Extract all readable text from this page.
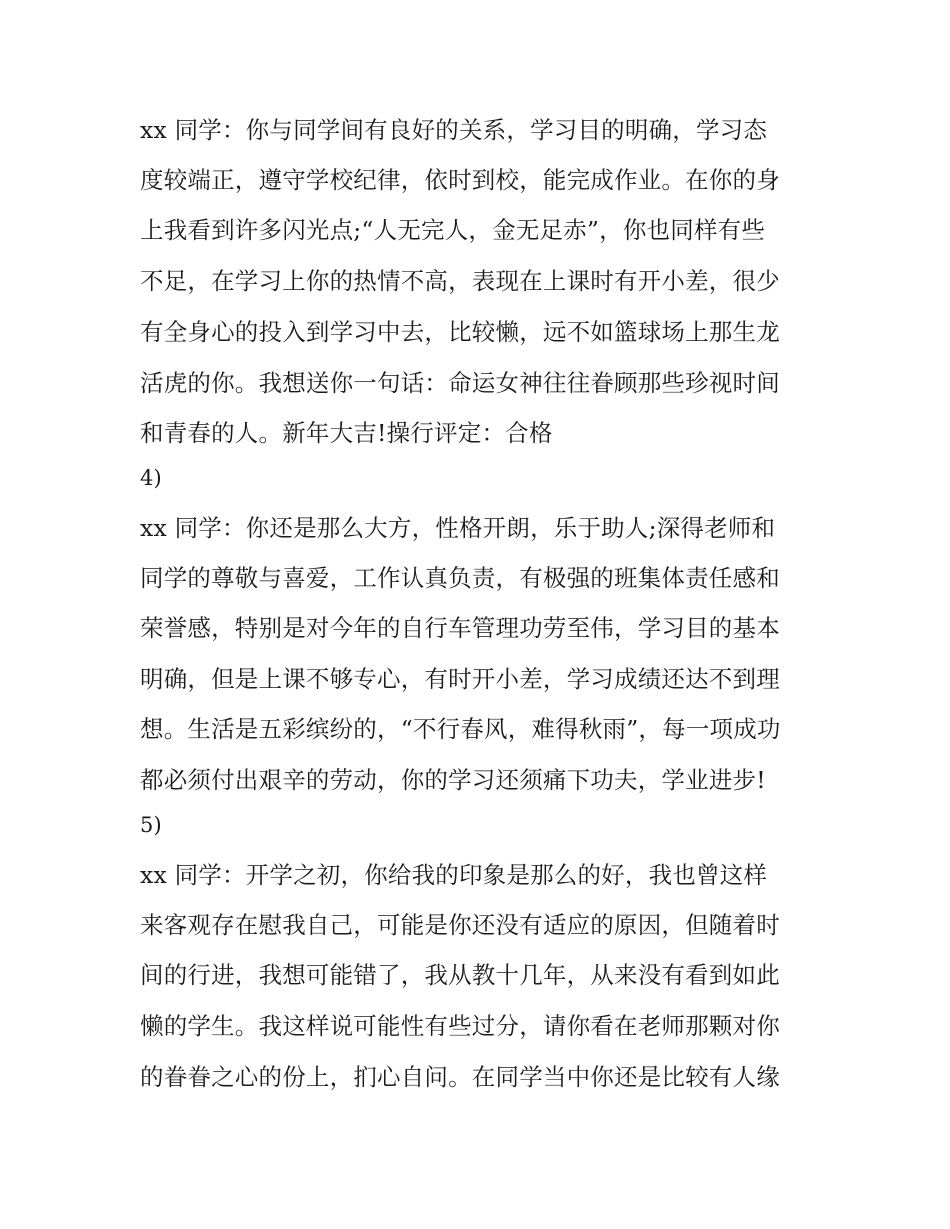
xx 同学：你与同学间有良好的关系，学习目的明确，学习态
度较端正，遵守学校纪律，依时到校，能完成作业。在你的身
上我看到许多闪光点;“人无完人，金无足赤”，你也同样有些
不足，在学习上你的热情不高，表现在上课时有开小差，很少
有全身心的投入到学习中去，比较懒，远不如篮球场上那生龙
活虎的你。我想送你一句话：命运女神往往眷顾那些珍视时间
和青春的人。新年大吉!操行评定：合格
4)
xx 同学：你还是那么大方，性格开朗，乐于助人;深得老师和
同学的尊敬与喜爱，工作认真负责，有极强的班集体责任感和
荣誉感，特别是对今年的自行车管理功劳至伟，学习目的基本
明确，但是上课不够专心，有时开小差，学习成绩还达不到理
想。生活是五彩缤纷的，“不行春风，难得秋雨”，每一项成功
都必须付出艰辛的劳动，你的学习还须痛下功夫，学业进步!
5)
xx 同学：开学之初，你给我的印象是那么的好，我也曾这样
来客观存在慰我自己，可能是你还没有适应的原因，但随着时
间的行进，我想可能错了，我从教十几年，从来没有看到如此
懒的学生。我这样说可能性有些过分，请你看在老师那颗对你
的眷眷之心的份上，扪心自问。在同学当中你还是比较有人缘
